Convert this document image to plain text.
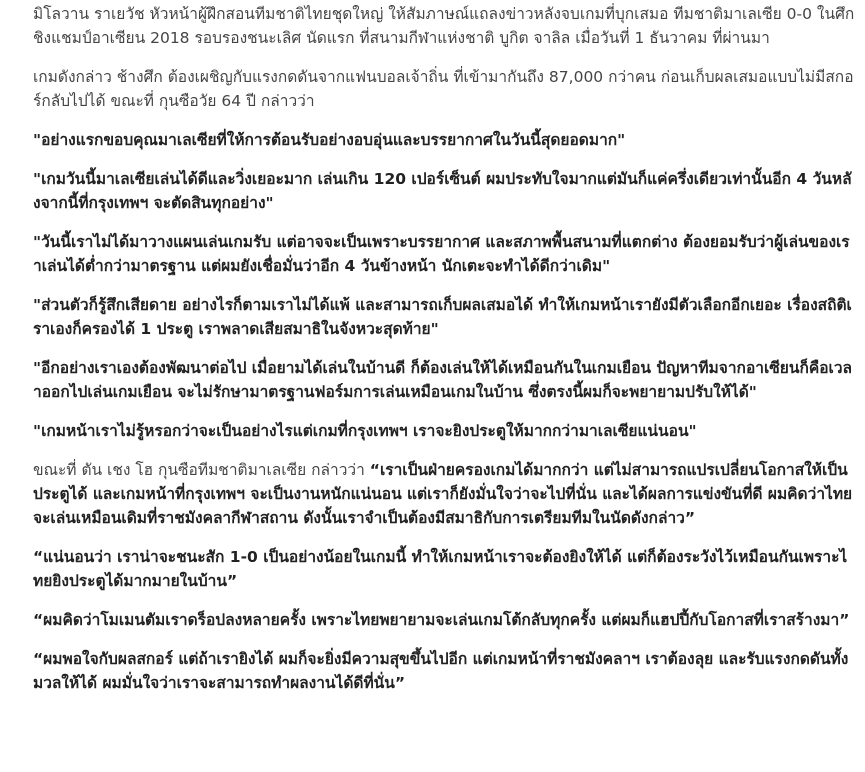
มิโลวาน ราเยวัช หัวหน้าผู้ฝึกสอนทีมชาติไทยชุดใหญ่ ให้สัมภาษณ์แถลงข่าวหลังจบเกมที่บุกเสมอ ทีมชาติมาเลเซีย 0-0 ในศึกชิงแชมป์อาเซียน 2018 รอบรองชนะเลิศ นัดแรก ที่สนามกีฬาแห่งชาติ บูกิต จาลิล เมื่อวันที่ 1 ธันวาคม ที่ผ่านมา

เกมดังกล่าว ช้างศึก ต้องเผชิญกับแรงกดดันจากแฟนบอลเจ้าถิ่น ที่เข้ามากันถึง 87,000 กว่าคน ก่อนเก็บผลเสมอแบบไม่มีสกอร์กลับไปได้ ขณะที่ กุนซือวัย 64 ปี กล่าวว่า

"อย่างแรกขอบคุณมาเลเซียที่ให้การต้อนรับอย่างอบอุ่นและบรรยากาศในวันนี้สุดยอดมาก"

"เกมวันนี้มาเลเซียเล่นได้ดีและวิ่งเยอะมาก เล่นเกิน 120 เปอร์เซ็นต์ ผมประทับใจมากแต่มันก็แค่ครึ่งเดียวเท่านั้นอีก 4 วันหลังจากนี้ที่กรุงเทพฯ จะตัดสินทุกอย่าง"

"วันนี้เราไม่ได้มาวางแผนเล่นเกมรับ แต่อาจจะเป็นเพราะบรรยากาศ และสภาพพื้นสนามที่แตกต่าง ต้องยอมรับว่าผู้เล่นของเราเล่นได้ต่ำกว่ามาตรฐาน แต่ผมยังเชื่อมั่นว่าอีก 4 วันข้างหน้า นักเตะจะทำได้ดีกว่าเดิม"

"ส่วนตัวก็รู้สึกเสียดาย อย่างไรก็ตามเราไม่ได้แพ้ และสามารถเก็บผลเสมอได้ ทำให้เกมหน้าเรายังมีตัวเลือกอีกเยอะ เรื่องสถิติเราเองก็ครองได้ 1 ประตู เราพลาดเสียสมาธิในจังหวะสุดท้าย"

"อีกอย่างเราเองต้องพัฒนาต่อไป เมื่อยามได้เล่นในบ้านดี ก็ต้องเล่นให้ได้เหมือนกันในเกมเยือน ปัญหาทีมจากอาเซียนก็คือเวลาออกไปเล่นเกมเยือน จะไม่รักษามาตรฐานฟอร์มการเล่นเหมือนเกมในบ้าน ซึ่งตรงนี้ผมก็จะพยายามปรับให้ได้"

"เกมหน้าเราไม่รู้หรอกว่าจะเป็นอย่างไรแต่เกมที่กรุงเทพฯ เราจะยิงประตูให้มากกว่ามาเลเซียแน่นอน"

ขณะที่ ตัน เชง โฮ กุนซือทีมชาติมาเลเซีย กล่าวว่า “เราเป็นฝ่ายครองเกมได้มากกว่า แต่ไม่สามารถแปรเปลี่ยนโอกาสให้เป็นประตูได้ และเกมหน้าที่กรุงเทพฯ จะเป็นงานหนักแน่นอน แต่เราก็ยังมั่นใจว่าจะไปที่นั่น และได้ผลการแข่งขันที่ดี ผมคิดว่าไทยจะเล่นเหมือนเดิมที่ราชมังคลากีฬาสถาน ดังนั้นเราจำเป็นต้องมีสมาธิกับการเตรียมทีมในนัดดังกล่าว”

“แน่นอนว่า เราน่าจะชนะสัก 1-0 เป็นอย่างน้อยในเกมนี้ ทำให้เกมหน้าเราจะต้องยิงให้ได้ แต่ก็ต้องระวังไว้เหมือนกันเพราะไทยยิงประตูได้มากมายในบ้าน”

“ผมคิดว่าโมเมนตัมเราดร็อปลงหลายครั้ง เพราะไทยพยายามจะเล่นเกมโต้กลับทุกครั้ง แต่ผมก็แฮปปี้กับโอกาสที่เราสร้างมา”

“ผมพอใจกับผลสกอร์ แต่ถ้าเรายิงได้ ผมก็จะยิ่งมีความสุขขึ้นไปอีก แต่เกมหน้าที่ราชมังคลาฯ เราต้องลุย และรับแรงกดดันทั้งมวลให้ได้ ผมมั่นใจว่าเราจะสามารถทำผลงานได้ดีที่นั่น”
